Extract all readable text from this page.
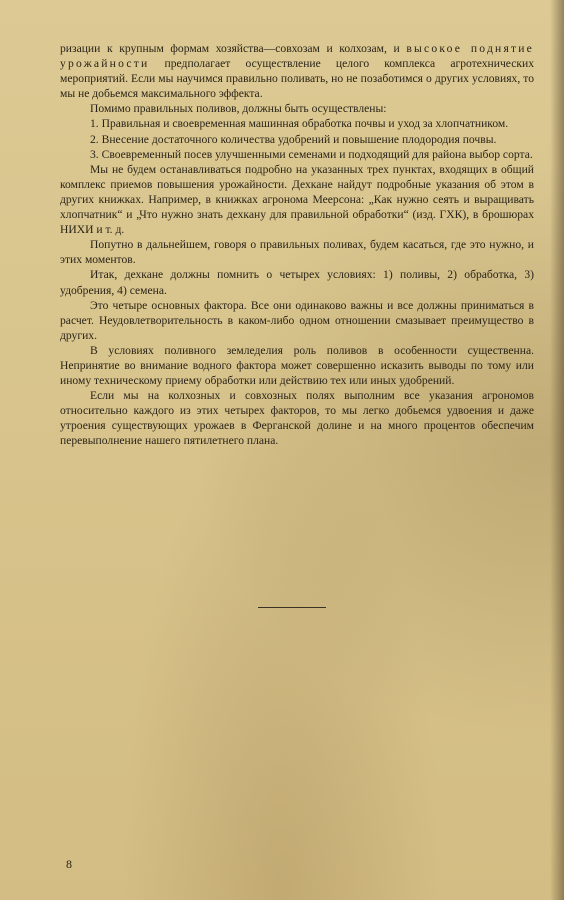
ризации к крупным формам хозяйства—совхозам и колхозам, и высокое поднятие урожайности предполагает осуществление целого комплекса агротехнических мероприятий. Если мы научимся правильно поливать, но не позаботимся о других условиях, то мы не добьемся максимального эффекта.

Помимо правильных поливов, должны быть осуществлены:

1. Правильная и своевременная машинная обработка почвы и уход за хлопчатником.

2. Внесение достаточного количества удобрений и повышение плодородия почвы.

3. Своевременный посев улучшенными семенами и подходящий для района выбор сорта.

Мы не будем останавливаться подробно на указанных трех пунктах, входящих в общий комплекс приемов повышения урожайности. Дехкане найдут подробные указания об этом в других книжках. Например, в книжках агронома Меерсона: „Как нужно сеять и выращивать хлопчатник“ и „Что нужно знать дехкану для правильной обработки“ (изд. ГХК), в брошюрах НИХИ и т. д.

Попутно в дальнейшем, говоря о правильных поливах, будем касаться, где это нужно, и этих моментов.

Итак, дехкане должны помнить о четырех условиях: 1) поливы, 2) обработка, 3) удобрения, 4) семена.

Это четыре основных фактора. Все они одинаково важны и все должны приниматься в расчет. Неудовлетворительность в каком-либо одном отношении смазывает преимущество в других.

В условиях поливного земледелия роль поливов в особенности существенна. Непринятие во внимание водного фактора может совершенно исказить выводы по тому или иному техническому приему обработки или действию тех или иных удобрений.

Если мы на колхозных и совхозных полях выполним все указания агрономов относительно каждого из этих четырех факторов, то мы легко добьемся удвоения и даже утроения существующих урожаев в Ферганской долине и на много процентов обеспечим перевыполнение нашего пятилетнего плана.

8
